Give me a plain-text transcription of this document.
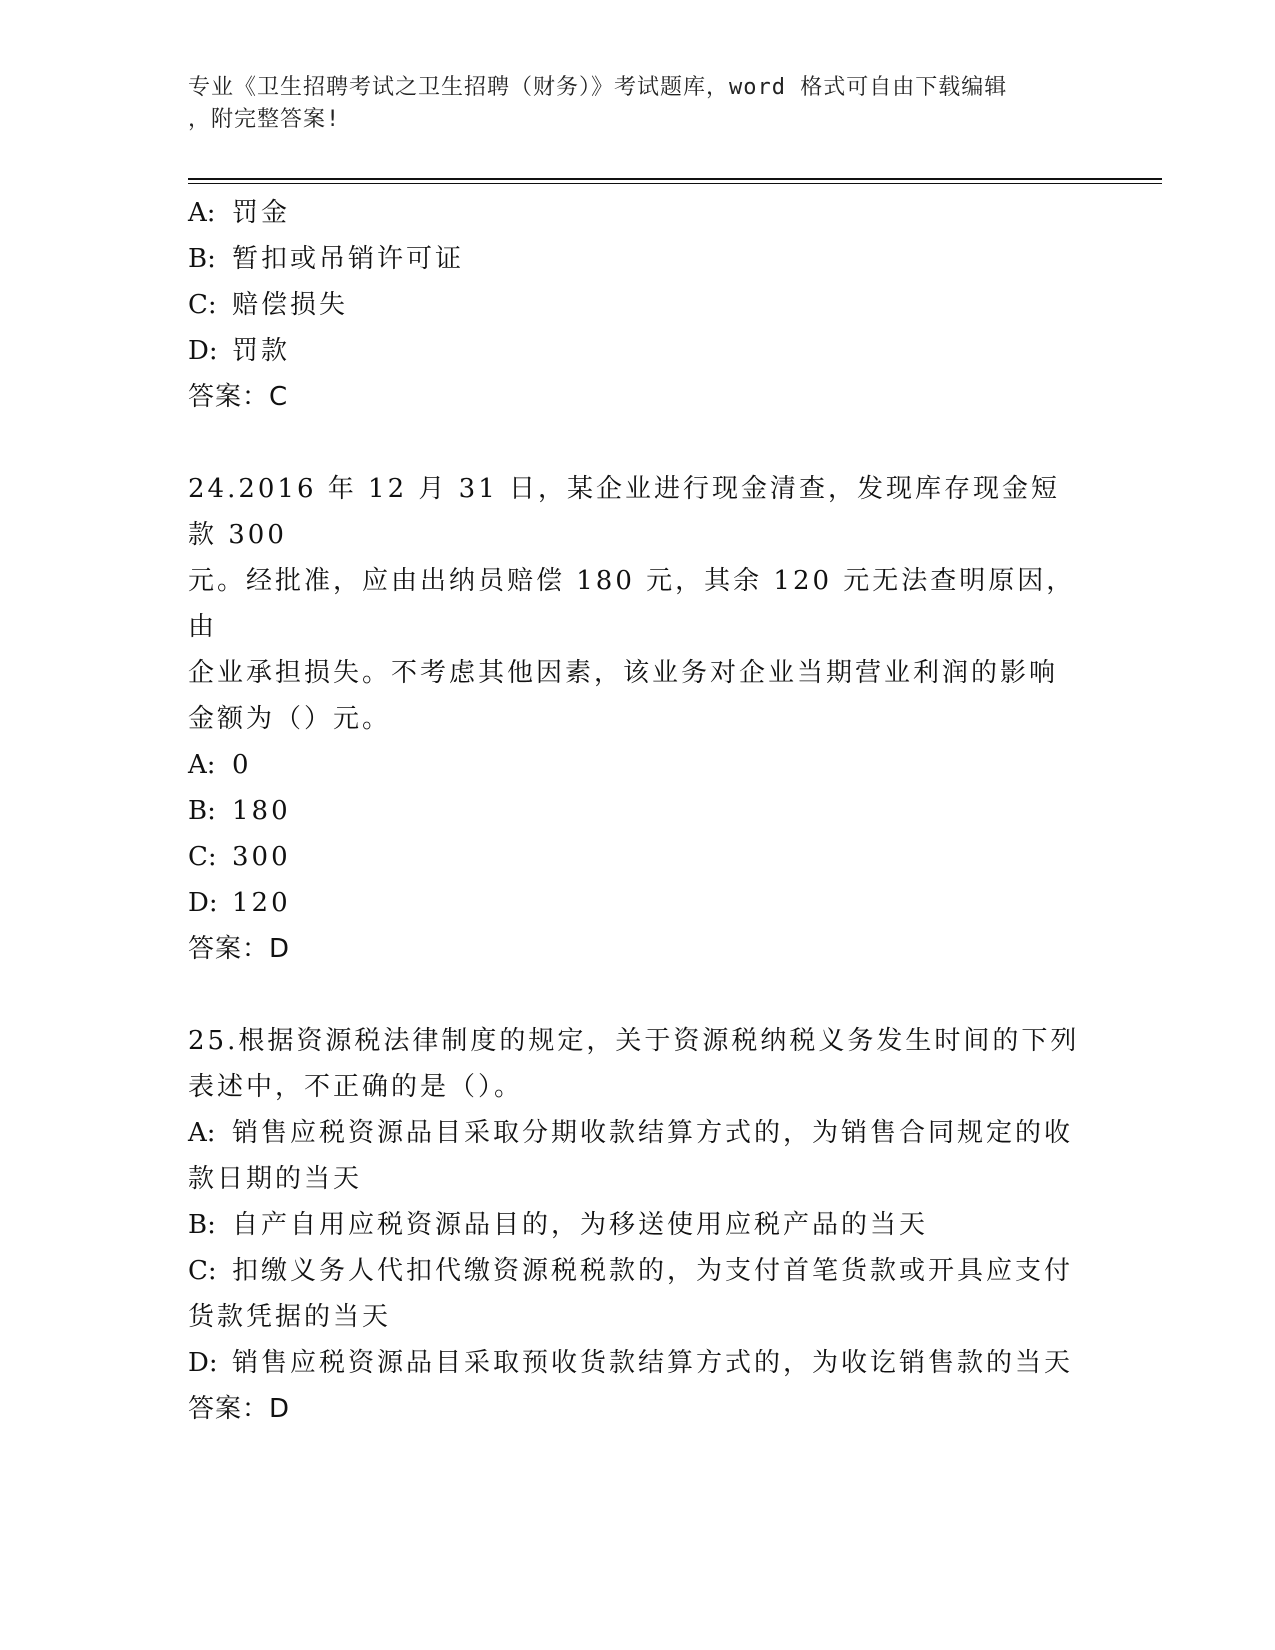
专业《卫生招聘考试之卫生招聘（财务）》考试题库，word 格式可自由下载编辑
，附完整答案!

A: 罚金

B: 暂扣或吊销许可证

C: 赔偿损失

D: 罚款

答案：C

24.2016 年 12 月 31 日，某企业进行现金清查，发现库存现金短款 300

元。经批准，应由出纳员赔偿 180 元，其余 120 元无法查明原因，由

企业承担损失。不考虑其他因素，该业务对企业当期营业利润的影响

金额为（）元。

A: 0

B: 180

C: 300

D: 120

答案：D

25.根据资源税法律制度的规定，关于资源税纳税义务发生时间的下列

表述中，不正确的是（）。

A: 销售应税资源品目采取分期收款结算方式的，为销售合同规定的收

款日期的当天

B: 自产自用应税资源品目的，为移送使用应税产品的当天

C: 扣缴义务人代扣代缴资源税税款的，为支付首笔货款或开具应支付

货款凭据的当天

D: 销售应税资源品目采取预收货款结算方式的，为收讫销售款的当天

答案：D
